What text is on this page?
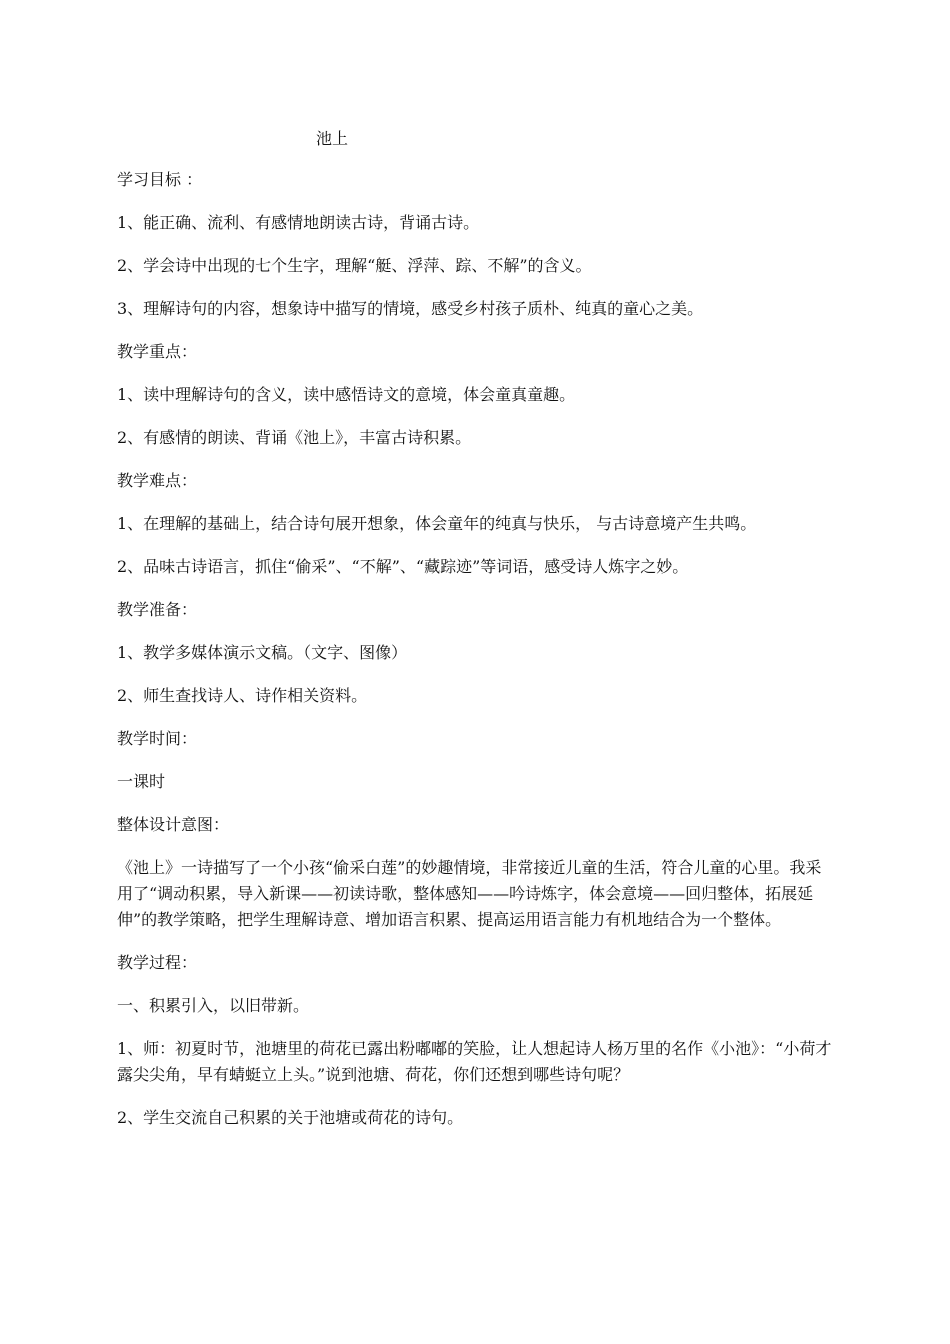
池上

学习目标 ：

1、能正确、流利、有感情地朗读古诗，背诵古诗。

2、学会诗中出现的七个生字，理解“艇、浮萍、踪、不解”的含义。

3、理解诗句的内容，想象诗中描写的情境，感受乡村孩子质朴、纯真的童心之美。

教学重点：

1、读中理解诗句的含义，读中感悟诗文的意境，体会童真童趣。

2、有感情的朗读、背诵《池上》，丰富古诗积累。

教学难点：

1、在理解的基础上，结合诗句展开想象，体会童年的纯真与快乐， 与古诗意境产生共鸣。

2、品味古诗语言，抓住“偷采”、“不解”、“藏踪迹”等词语，感受诗人炼字之妙。

教学准备：

1、教学多媒体演示文稿。（文字、图像）

2、师生查找诗人、诗作相关资料。

教学时间：

一课时

整体设计意图：

《池上》一诗描写了一个小孩“偷采白莲”的妙趣情境，非常接近儿童的生活，符合儿童的心里。我采用了“调动积累，导入新课——初读诗歌，整体感知——吟诗炼字，体会意境——回归整体，拓展延伸”的教学策略，把学生理解诗意、增加语言积累、提高运用语言能力有机地结合为一个整体。

教学过程：

一、积累引入，以旧带新。

1、师：初夏时节，池塘里的荷花已露出粉嘟嘟的笑脸，让人想起诗人杨万里的名作《小池》：“小荷才露尖尖角，早有蜻蜓立上头。”说到池塘、荷花，你们还想到哪些诗句呢？

2、学生交流自己积累的关于池塘或荷花的诗句。
